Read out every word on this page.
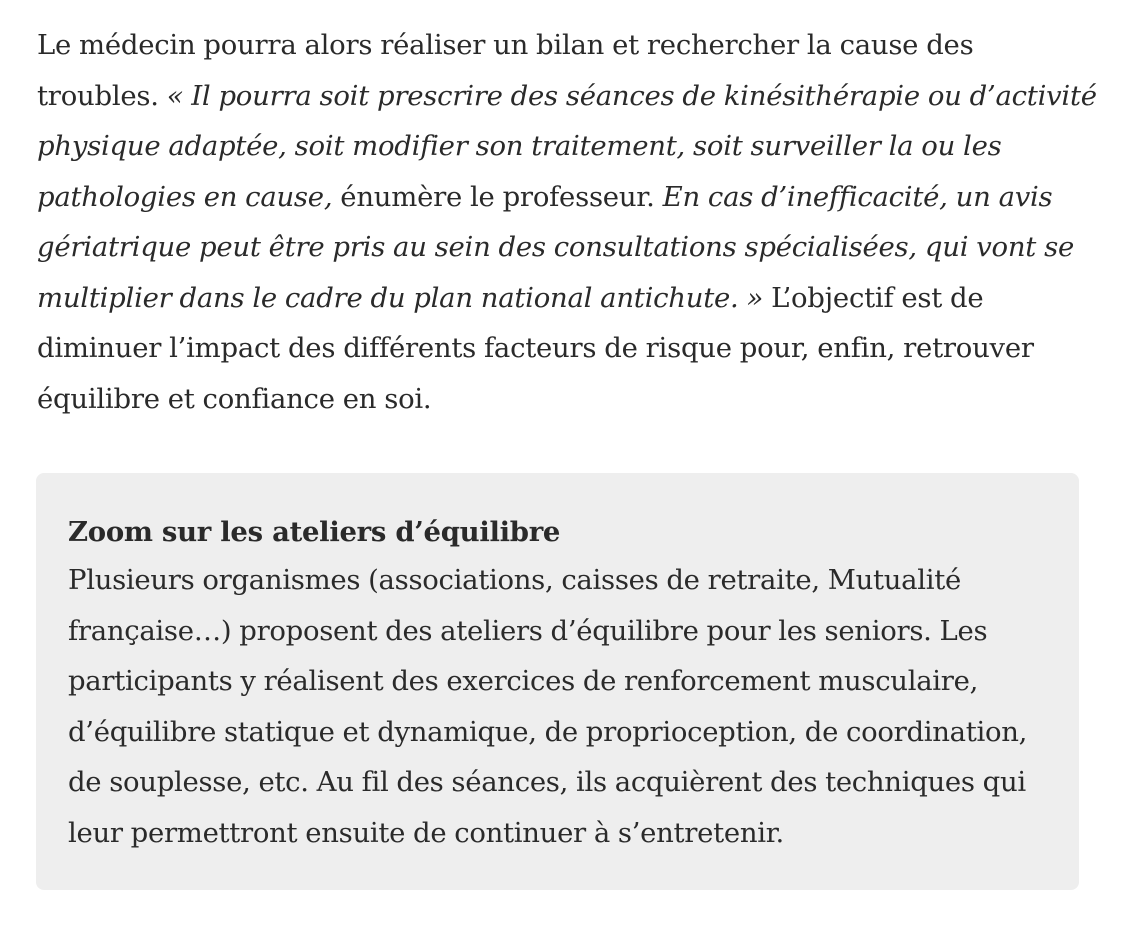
Le médecin pourra alors réaliser un bilan et rechercher la cause des troubles. « Il pourra soit prescrire des séances de kinésithérapie ou d’activité physique adaptée, soit modifier son traitement, soit surveiller la ou les pathologies en cause, énumère le professeur. En cas d’inefficacité, un avis gériatrique peut être pris au sein des consultations spécialisées, qui vont se multiplier dans le cadre du plan national antichute. » L’objectif est de diminuer l’impact des différents facteurs de risque pour, enfin, retrouver équilibre et confiance en soi.

Zoom sur les ateliers d’équilibre

Plusieurs organismes (associations, caisses de retraite, Mutualité française…) proposent des ateliers d’équilibre pour les seniors. Les participants y réalisent des exercices de renforcement musculaire, d’équilibre statique et dynamique, de proprioception, de coordination, de souplesse, etc. Au fil des séances, ils acquièrent des techniques qui leur permettront ensuite de continuer à s’entretenir.
